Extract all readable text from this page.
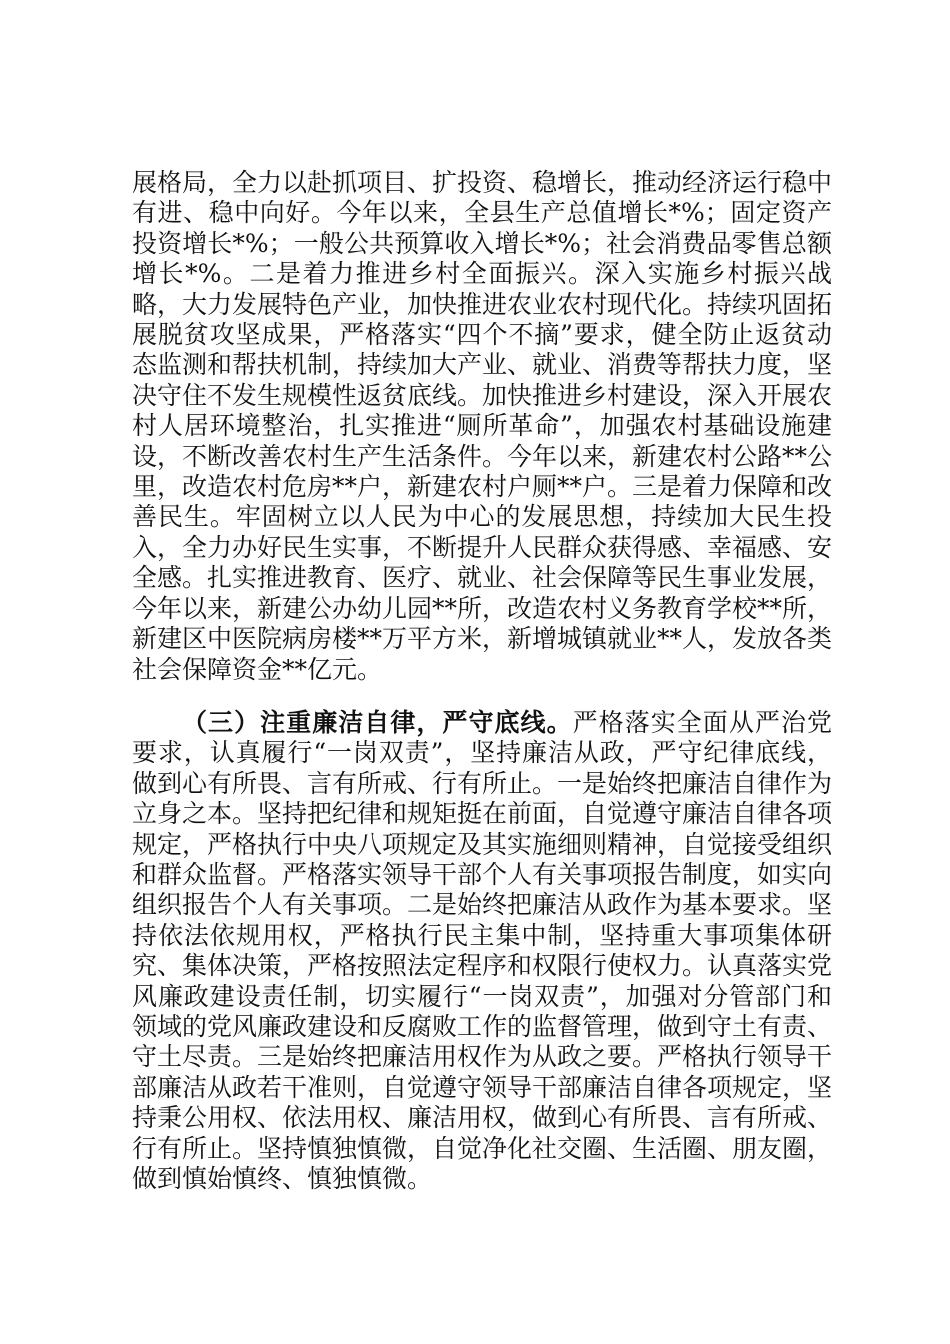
展格局，全力以赴抓项目、扩投资、稳增长，推动经济运行稳中有进、稳中向好。今年以来，全县生产总值增长*%；固定资产投资增长*%；一般公共预算收入增长*%；社会消费品零售总额增长*%。二是着力推进乡村全面振兴。深入实施乡村振兴战略，大力发展特色产业，加快推进农业农村现代化。持续巩固拓展脱贫攻坚成果，严格落实“四个不摘”要求，健全防止返贫动态监测和帮扶机制，持续加大产业、就业、消费等帮扶力度，坚决守住不发生规模性返贫底线。加快推进乡村建设，深入开展农村人居环境整治，扎实推进“厕所革命”，加强农村基础设施建设，不断改善农村生产生活条件。今年以来，新建农村公路**公里，改造农村危房**户，新建农村户厕**户。三是着力保障和改善民生。牢固树立以人民为中心的发展思想，持续加大民生投入，全力办好民生实事，不断提升人民群众获得感、幸福感、安全感。扎实推进教育、医疗、就业、社会保障等民生事业发展，今年以来，新建公办幼儿园**所，改造农村义务教育学校**所，新建区中医院病房楼**万平方米，新增城镇就业**人，发放各类社会保障资金**亿元。

（三）注重廉洁自律，严守底线。严格落实全面从严治党要求，认真履行“一岗双责”，坚持廉洁从政，严守纪律底线，做到心有所畏、言有所戒、行有所止。一是始终把廉洁自律作为立身之本。坚持把纪律和规矩挺在前面，自觉遵守廉洁自律各项规定，严格执行中央八项规定及其实施细则精神，自觉接受组织和群众监督。严格落实领导干部个人有关事项报告制度，如实向组织报告个人有关事项。二是始终把廉洁从政作为基本要求。坚持依法依规用权，严格执行民主集中制，坚持重大事项集体研究、集体决策，严格按照法定程序和权限行使权力。认真落实党风廉政建设责任制，切实履行“一岗双责”，加强对分管部门和领域的党风廉政建设和反腐败工作的监督管理，做到守土有责、守土尽责。三是始终把廉洁用权作为从政之要。严格执行领导干部廉洁从政若干准则，自觉遵守领导干部廉洁自律各项规定，坚持秉公用权、依法用权、廉洁用权，做到心有所畏、言有所戒、行有所止。坚持慎独慎微，自觉净化社交圈、生活圈、朋友圈，做到慎始慎终、慎独慎微。
